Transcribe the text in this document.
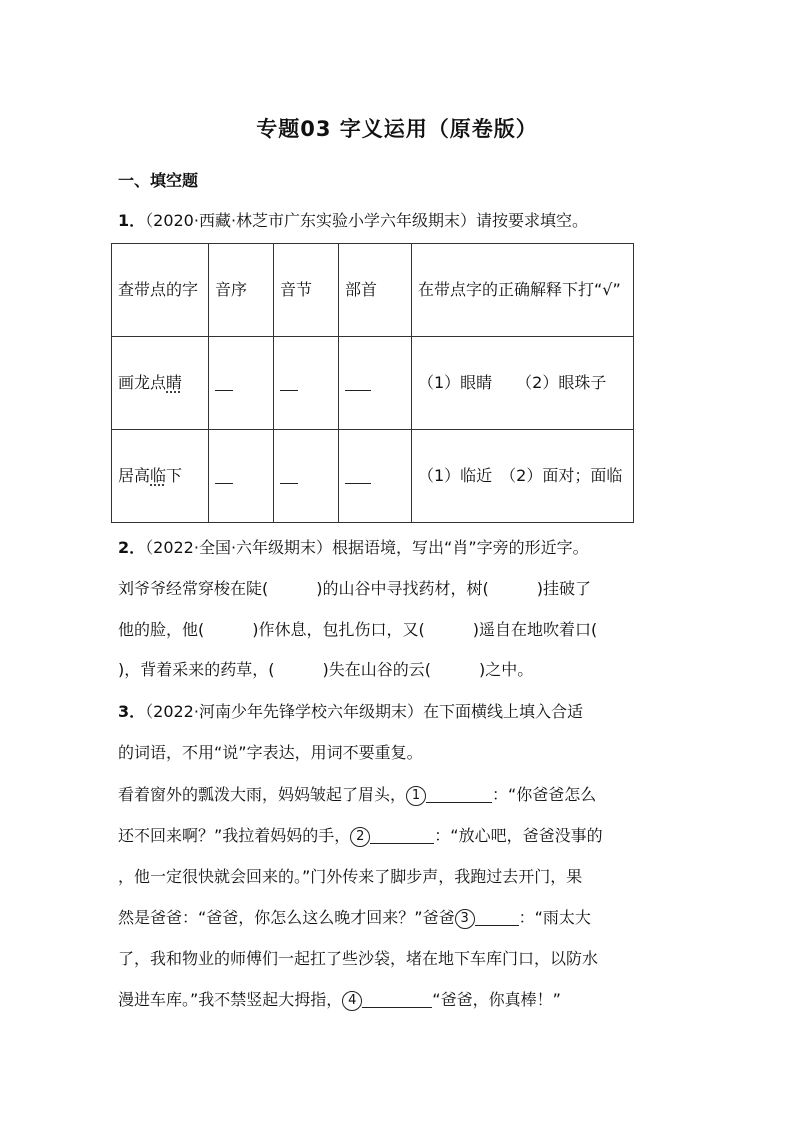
专题03 字义运用（原卷版）
一、填空题
1．（2020·西藏·林芝市广东实验小学六年级期末）请按要求填空。
查带点的字	音序	音节	部首	在带点字的正确解释下打“√”
画龙点睛				（1）眼睛　　（2）眼珠子
居高临下				（1）临近　（2）面对；面临
2．（2022·全国·六年级期末）根据语境，写出“肖”字旁的形近字。
刘爷爷经常穿梭在陡(　　　)的山谷中寻找药材，树(　　　)挂破了
他的脸，他(　　　)作休息，包扎伤口，又(　　　)遥自在地吹着口(
)，背着采来的药草，(　　　)失在山谷的云(　　　)之中。
3．（2022·河南少年先锋学校六年级期末）在下面横线上填入合适
的词语，不用“说”字表达，用词不要重复。
看着窗外的瓢泼大雨，妈妈皱起了眉头， 1	：“你爸爸怎么
还不回来啊？”我拉着妈妈的手， 2	：“放心吧，爸爸没事的
，他一定很快就会回来的。”门外传来了脚步声，我跑过去开门，果
然是爸爸：“爸爸，你怎么这么晚才回来？”爸爸 3	：“雨太大
了，我和物业的师傅们一起扛了些沙袋，堵在地下车库门口，以防水
漫进车库。”我不禁竖起大拇指， 4	“爸爸，你真棒！”
